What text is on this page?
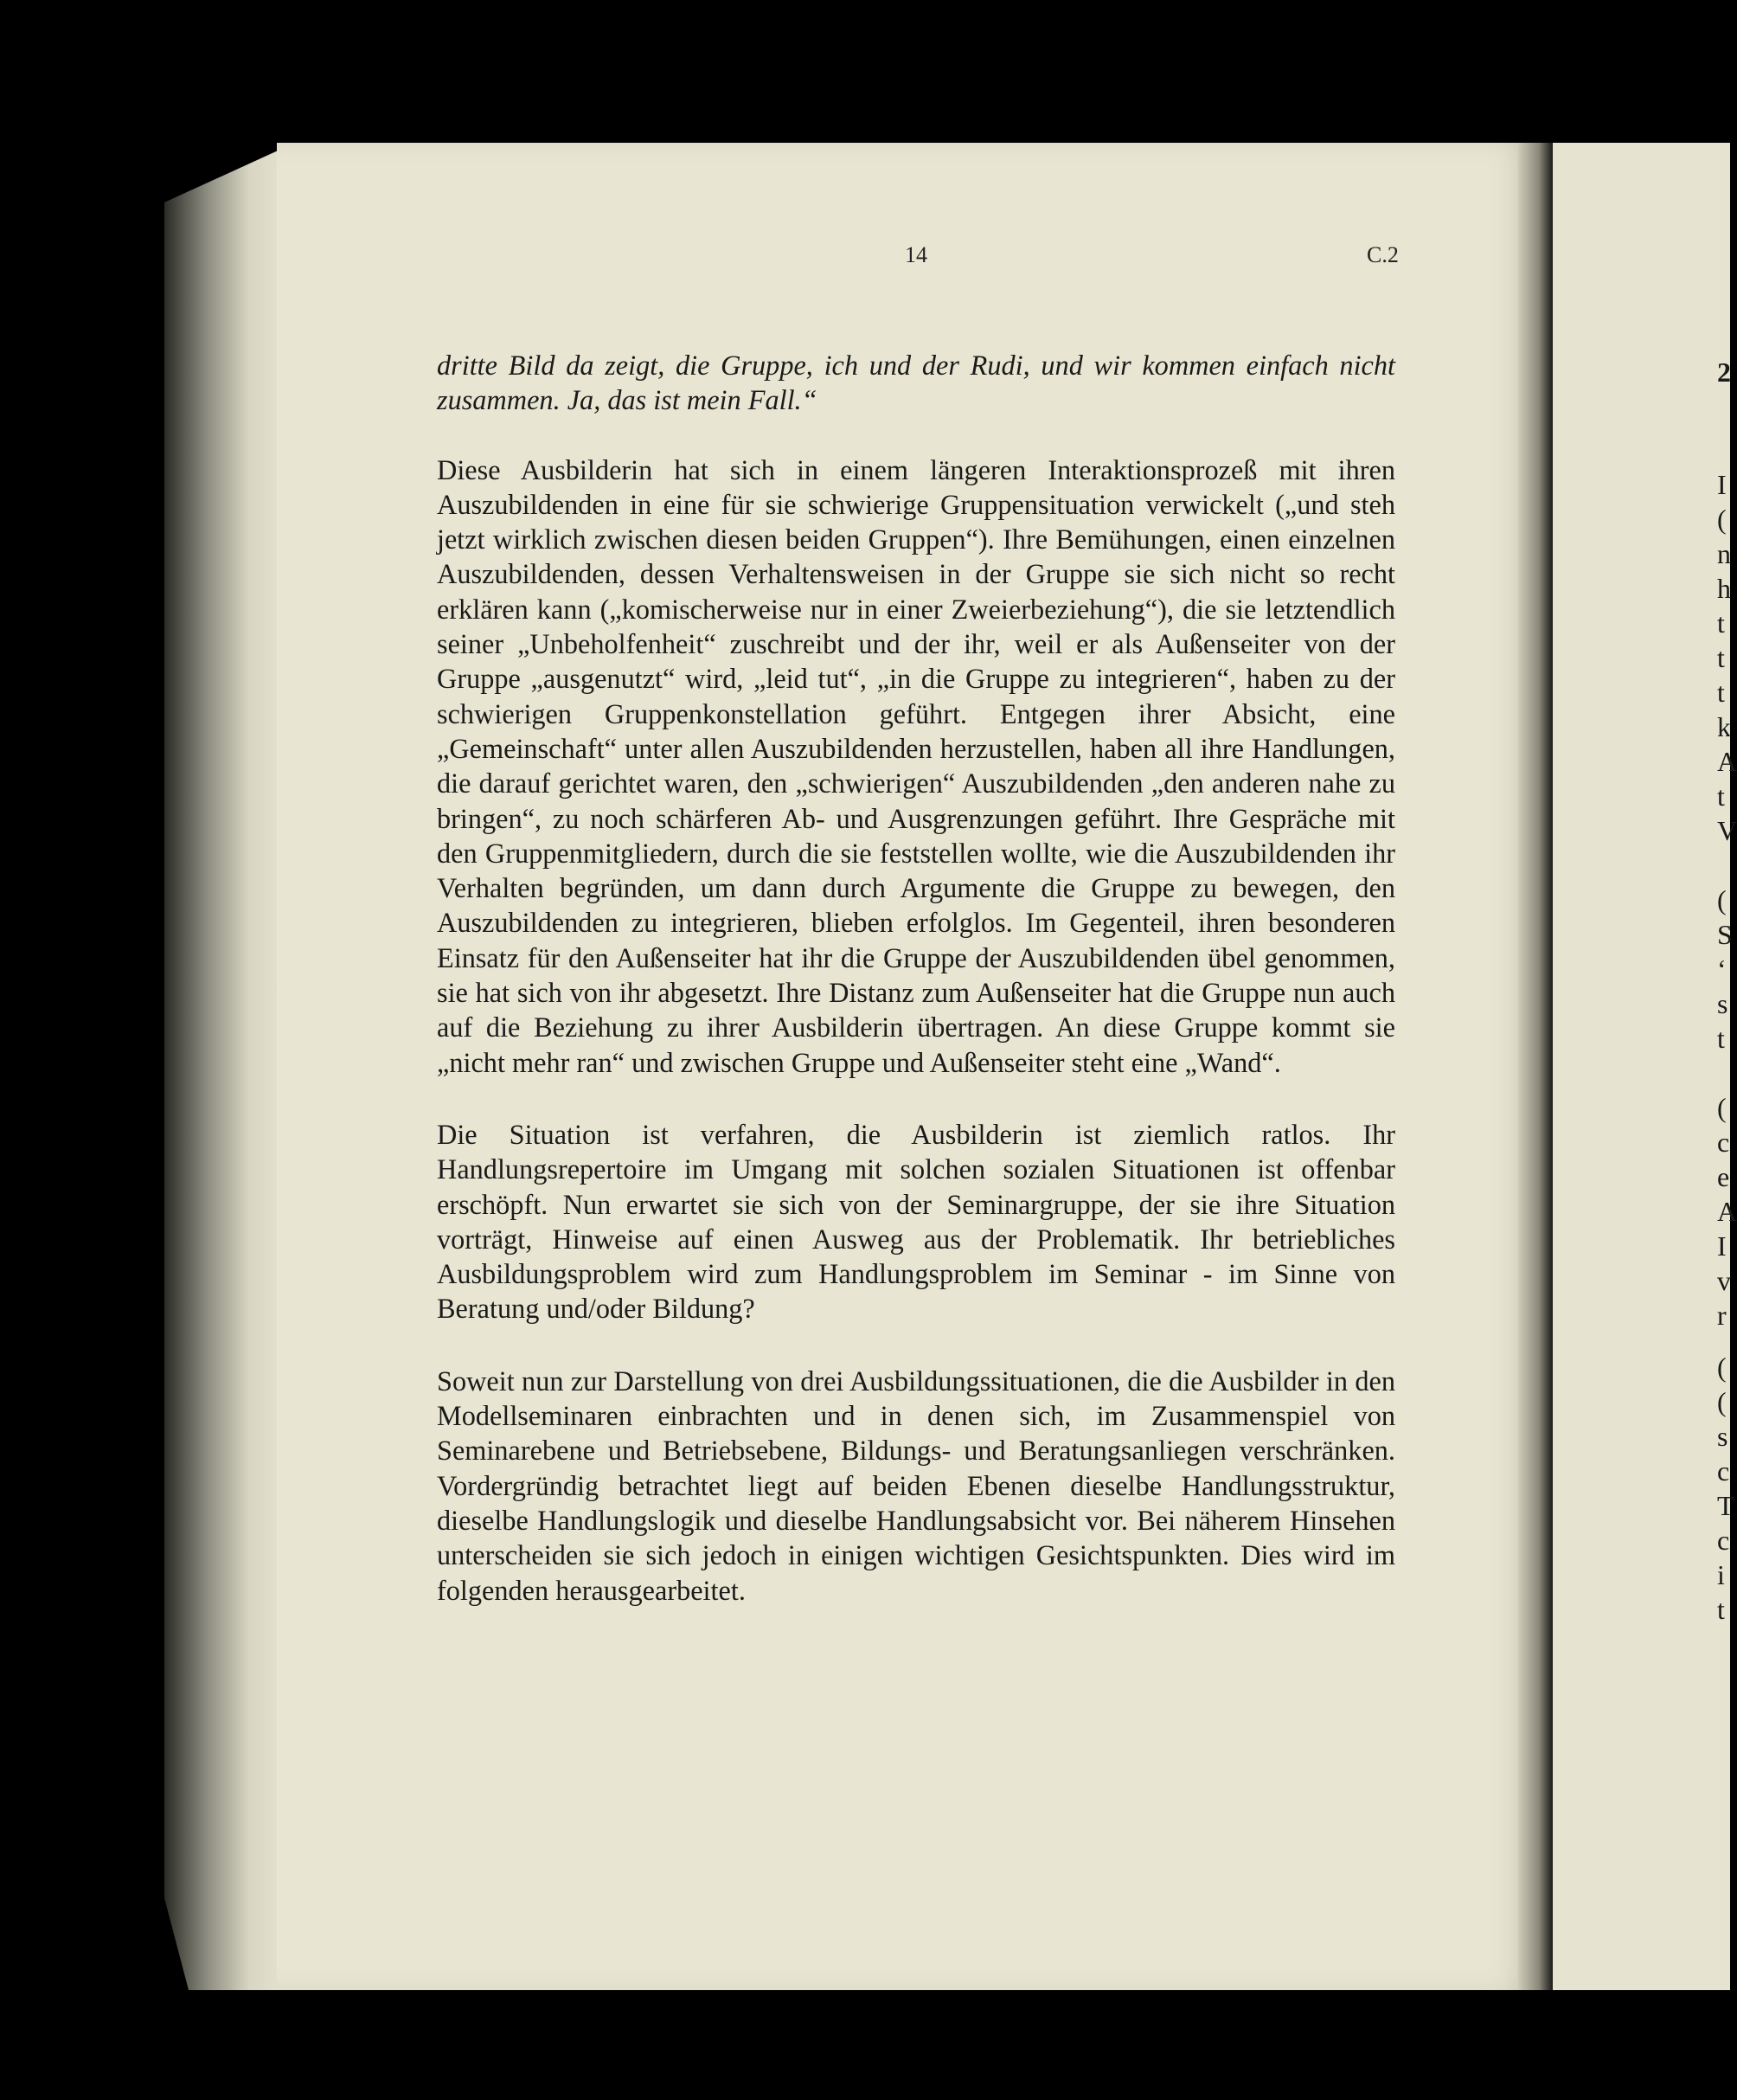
14	C.2

dritte Bild da zeigt, die Gruppe, ich und der Rudi, und wir kommen einfach nicht zusammen. Ja, das ist mein Fall.“

Diese Ausbilderin hat sich in einem längeren Interaktionsprozeß mit ihren Auszubildenden in eine für sie schwierige Gruppensituation verwickelt („und steh jetzt wirklich zwischen diesen beiden Gruppen“). Ihre Bemühungen, einen einzelnen Auszubildenden, dessen Verhaltensweisen in der Gruppe sie sich nicht so recht erklären kann („komischerweise nur in einer Zweierbeziehung“), die sie letztendlich seiner „Unbeholfenheit“ zuschreibt und der ihr, weil er als Außenseiter von der Gruppe „ausgenutzt“ wird, „leid tut“, „in die Gruppe zu integrieren“, haben zu der schwierigen Gruppenkonstellation geführt. Entgegen ihrer Absicht, eine „Gemeinschaft“ unter allen Auszubildenden herzustellen, haben all ihre Handlungen, die darauf gerichtet waren, den „schwierigen“ Auszubildenden „den anderen nahe zu bringen“, zu noch schärferen Ab- und Ausgrenzungen geführt. Ihre Gespräche mit den Gruppenmitgliedern, durch die sie feststellen wollte, wie die Auszubildenden ihr Verhalten begründen, um dann durch Argumente die Gruppe zu bewegen, den Auszubildenden zu integrieren, blieben erfolglos. Im Gegenteil, ihren besonderen Einsatz für den Außenseiter hat ihr die Gruppe der Auszubildenden übel genommen, sie hat sich von ihr abgesetzt. Ihre Distanz zum Außenseiter hat die Gruppe nun auch auf die Beziehung zu ihrer Ausbilderin übertragen. An diese Gruppe kommt sie „nicht mehr ran“ und zwischen Gruppe und Außenseiter steht eine „Wand“.

Die Situation ist verfahren, die Ausbilderin ist ziemlich ratlos. Ihr Handlungsrepertoire im Umgang mit solchen sozialen Situationen ist offenbar erschöpft. Nun erwartet sie sich von der Seminargruppe, der sie ihre Situation vorträgt, Hinweise auf einen Ausweg aus der Problematik. Ihr betriebliches Ausbildungsproblem wird zum Handlungsproblem im Seminar - im Sinne von Beratung und/oder Bildung?

Soweit nun zur Darstellung von drei Ausbildungssituationen, die die Ausbilder in den Modellseminaren einbrachten und in denen sich, im Zusammenspiel von Seminarebene und Betriebsebene, Bildungs- und Beratungsanliegen verschränken. Vordergründig betrachtet liegt auf beiden Ebenen dieselbe Handlungsstruktur, dieselbe Handlungslogik und dieselbe Handlungsabsicht vor. Bei näherem Hinsehen unterscheiden sie sich jedoch in einigen wichtigen Gesichtspunkten. Dies wird im folgenden herausgearbeitet.

2
I
(
n
h
t
t
t
k
A
t
V
(
S
‘
s
t
(
c
e
A
I
v
r
(
(
s
c
T
c
i
t
